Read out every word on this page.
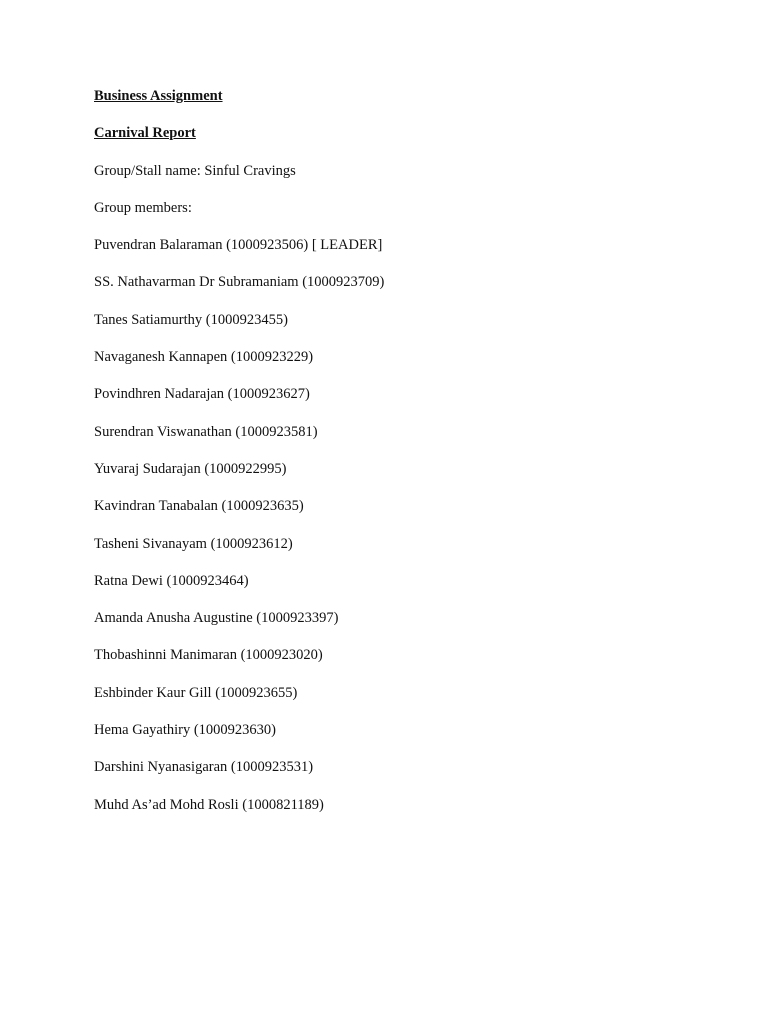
Business Assignment
Carnival Report
Group/Stall name: Sinful Cravings
Group members:
Puvendran Balaraman (1000923506) [ LEADER]
SS. Nathavarman Dr Subramaniam (1000923709)
Tanes Satiamurthy (1000923455)
Navaganesh Kannapen (1000923229)
Povindhren Nadarajan (1000923627)
Surendran Viswanathan (1000923581)
Yuvaraj Sudarajan (1000922995)
Kavindran Tanabalan (1000923635)
Tasheni Sivanayam (1000923612)
Ratna Dewi (1000923464)
Amanda Anusha Augustine (1000923397)
Thobashinni Manimaran (1000923020)
Eshbinder Kaur Gill (1000923655)
Hema Gayathiry (1000923630)
Darshini Nyanasigaran (1000923531)
Muhd As’ad Mohd Rosli (1000821189)
